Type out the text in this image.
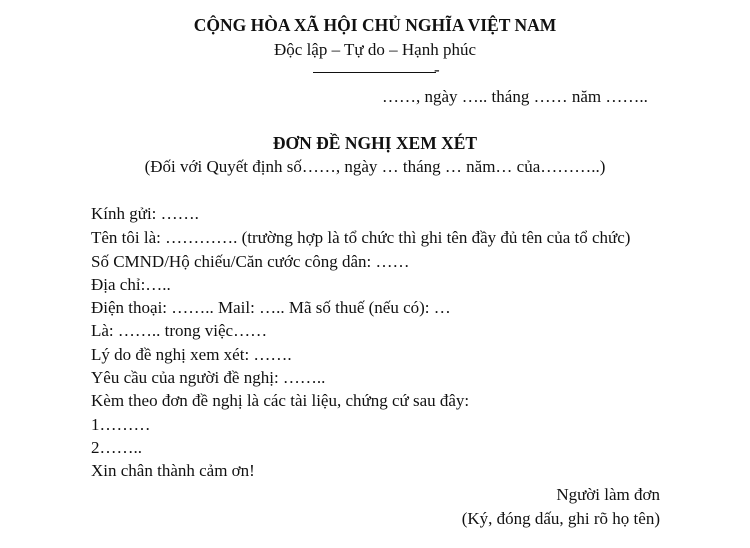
CỘNG HÒA XÃ HỘI CHỦ NGHĨA VIỆT NAM
Độc lập – Tự do – Hạnh phúc
-
……, ngày ….. tháng …… năm ……..
ĐƠN ĐỀ NGHỊ XEM XÉT
(Đối với Quyết định số……, ngày … tháng … năm… của………..)
Kính gửi: …….
Tên tôi là: …………. (trường hợp là tổ chức thì ghi tên đầy đủ tên của tổ chức)
Số CMND/Hộ chiếu/Căn cước công dân: ……
Địa chỉ:…..
Điện thoại: …….. Mail: ….. Mã số thuế (nếu có): …
Là: …….. trong việc……
Lý do đề nghị xem xét: …….
Yêu cầu của người đề nghị: ……..
Kèm theo đơn đề nghị là các tài liệu, chứng cứ sau đây:
1………
2……..
Xin chân thành cảm ơn!
Người làm đơn
(Ký, đóng dấu, ghi rõ họ tên)
